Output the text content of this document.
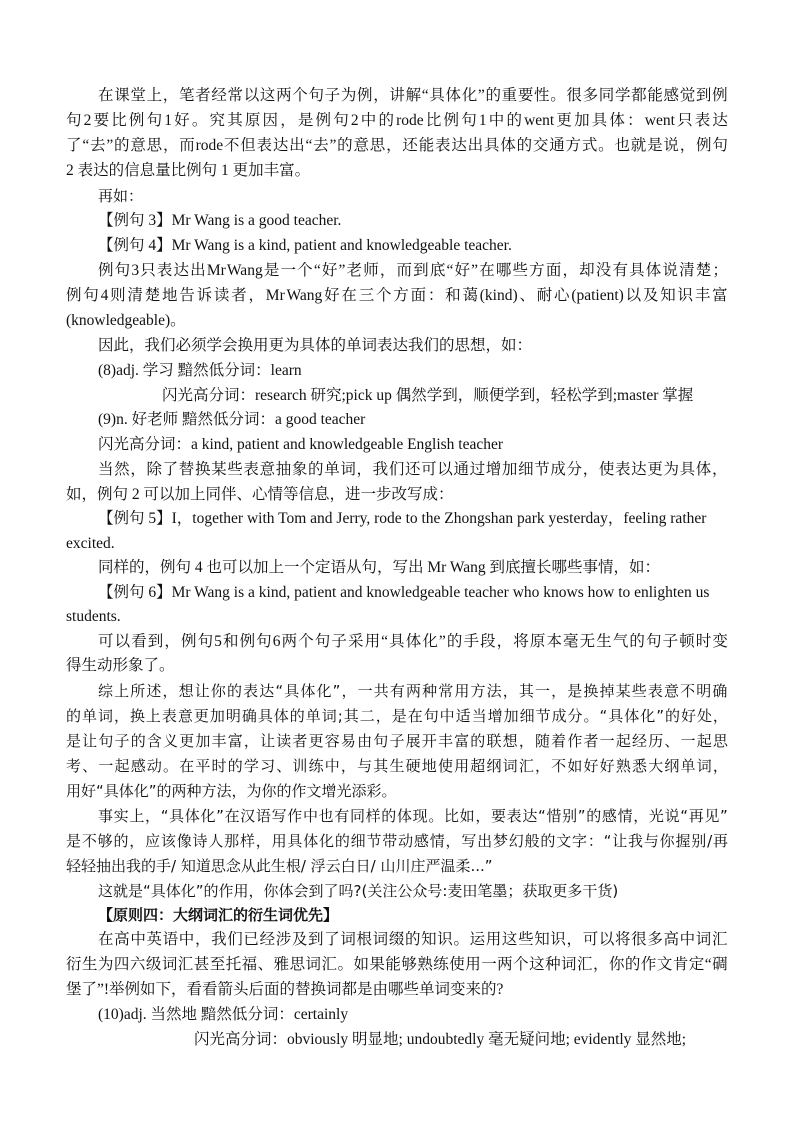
在 课 堂 上 ， 笔 者 经 常 以 这 两 个 句 子 为 例 ， 讲 解 “ 具 体 化 ” 的 重 要 性 。 很 多 同 学 都 能 感 觉 到 例
句 2 要 比 例 句 1 好 。 究 其 原 因 ， 是 例 句 2 中 的 rode 比 例 句 1 中 的 went 更 加 具 体 ： went 只 表 达
了 “ 去 ” 的 意 思 ， 而 rode 不 但 表 达 出 “ 去 ” 的 意 思 ， 还 能 表 达 出 具 体 的 交 通 方 式 。 也 就 是 说 ， 例 句
2 表达的信息量比例句 1 更加丰富。
再如：
【例句 3】Mr Wang is a good teacher.
【例句 4】Mr Wang is a kind, patient and knowledgeable teacher.
例 句 3 只 表 达 出 Mr Wang 是 一 个 “ 好 ” 老 师 ， 而 到 底 “ 好 ” 在 哪 些 方 面 ， 却 没 有 具 体 说 清 楚 ；
例 句 4 则 清 楚 地 告 诉 读 者 ， Mr Wang 好 在 三 个 方 面 ： 和 蔼 (kind) 、 耐 心 (patient) 以 及 知 识 丰 富
(knowledgeable)。
因此，我们必须学会换用更为具体的单词表达我们的思想，如：
(8)adj. 学习 黯然低分词：learn
闪光高分词：research 研究;pick up 偶然学到，顺便学到，轻松学到;master 掌握
(9)n. 好老师 黯然低分词：a good teacher
闪光高分词：a kind, patient and knowledgeable English teacher
当 然 ， 除 了 替 换 某 些 表 意 抽 象 的 单 词 ， 我 们 还 可 以 通 过 增 加 细 节 成 分 ， 使 表 达 更 为 具 体 ，
如，例句 2 可以加上同伴、心情等信息，进一步改写成：
【例句 5】I，together with Tom and Jerry, rode to the Zhongshan park yesterday，feeling rather
excited.
同样的，例句 4 也可以加上一个定语从句，写出 Mr Wang 到底擅长哪些事情，如：
【例句 6】Mr Wang is a kind, patient and knowledgeable teacher who knows how to enlighten us
students.
可 以 看 到 ， 例 句 5 和 例 句 6 两 个 句 子 采 用 “ 具 体 化 ” 的 手 段 ， 将 原 本 毫 无 生 气 的 句 子 顿 时 变
得生动形象了。
综 上 所 述 ， 想 让 你 的 表 达 “ 具 体 化 ” ， 一 共 有 两 种 常 用 方 法 ， 其 一 ， 是 换 掉 某 些 表 意 不 明 确
的 单 词 ， 换 上 表 意 更 加 明 确 具 体 的 单 词 ; 其 二 ， 是 在 句 中 适 当 增 加 细 节 成 分 。 “ 具 体 化 ” 的 好 处 ，
是 让 句 子 的 含 义 更 加 丰 富 ， 让 读 者 更 容 易 由 句 子 展 开 丰 富 的 联 想 ， 随 着 作 者 一 起 经 历 、 一 起 思
考 、 一 起 感 动 。 在 平 时 的 学 习 、 训 练 中 ， 与 其 生 硬 地 使 用 超 纲 词 汇 ， 不 如 好 好 熟 悉 大 纲 单 词 ，
用好“具体化”的两种方法，为你的作文增光添彩。
事 实 上 ， “ 具 体 化 ” 在 汉 语 写 作 中 也 有 同 样 的 体 现 。 比 如 ， 要 表 达 “ 惜 别 ” 的 感 情 ， 光 说 “ 再 见 ”
是 不 够 的 ， 应 该 像 诗 人 那 样 ， 用 具 体 化 的 细 节 带 动 感 情 ， 写 出 梦 幻 般 的 文 字 ： “ 让 我 与 你 握 别 / 再
轻轻抽出我的手/ 知道思念从此生根/ 浮云白日/ 山川庄严温柔...”
这就是“具体化”的作用，你体会到了吗?(关注公众号:麦田笔墨；获取更多干货)
【原则四：大纲词汇的衍生词优先】
在 高 中 英 语 中 ， 我 们 已 经 涉 及 到 了 词 根 词 缀 的 知 识 。 运 用 这 些 知 识 ， 可 以 将 很 多 高 中 词 汇
衍 生 为 四 六 级 词 汇 甚 至 托 福 、 雅 思 词 汇 。 如 果 能 够 熟 练 使 用 一 两 个 这 种 词 汇 ， 你 的 作 文 肯 定 “ 碉
堡了”!举例如下，看看箭头后面的替换词都是由哪些单词变来的?
(10)adj. 当然地 黯然低分词：certainly
闪光高分词：obviously 明显地; undoubtedly 毫无疑问地; evidently 显然地;
